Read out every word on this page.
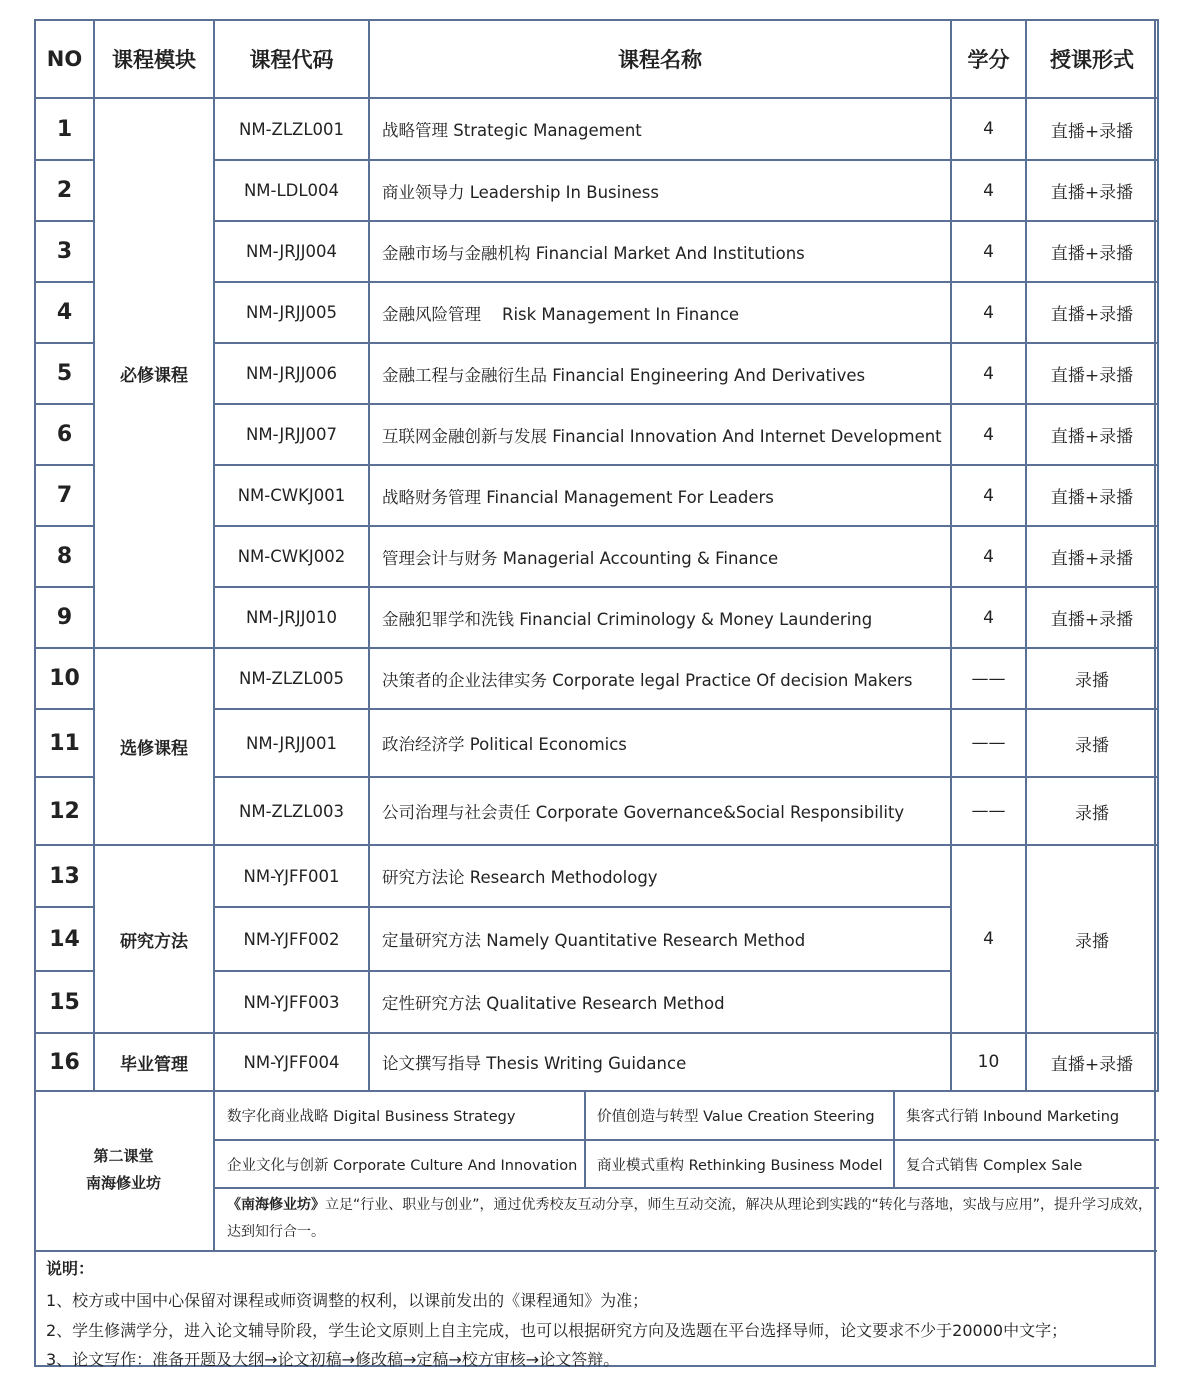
NO	课程模块	课程代码	课程名称	学分	授课形式
1	必修课程	NM-ZLZL001	战略管理 Strategic Management	4	直播+录播
2		NM-LDL004	商业领导力 Leadership In Business	4	直播+录播
3		NM-JRJJ004	金融市场与金融机构 Financial Market And Institutions	4	直播+录播
4		NM-JRJJ005	金融风险管理    Risk Management In Finance	4	直播+录播
5		NM-JRJJ006	金融工程与金融衍生品 Financial Engineering And Derivatives	4	直播+录播
6		NM-JRJJ007	互联网金融创新与发展 Financial Innovation And Internet Development	4	直播+录播
7		NM-CWKJ001	战略财务管理 Financial Management For Leaders	4	直播+录播
8		NM-CWKJ002	管理会计与财务 Managerial Accounting & Finance	4	直播+录播
9		NM-JRJJ010	金融犯罪学和洗钱 Financial Criminology & Money Laundering	4	直播+录播
10	选修课程	NM-ZLZL005	决策者的企业法律实务 Corporate legal Practice Of decision Makers	——	录播
11		NM-JRJJ001	政治经济学 Political Economics	——	录播
12		NM-ZLZL003	公司治理与社会责任 Corporate Governance&Social Responsibility	——	录播
13	研究方法	NM-YJFF001	研究方法论 Research Methodology	4	录播
14		NM-YJFF002	定量研究方法 Namely Quantitative Research Method		
15		NM-YJFF003	定性研究方法 Qualitative Research Method		
16	毕业管理	NM-YJFF004	论文撰写指导 Thesis Writing Guidance	10	直播+录播
第二课堂
南海修业坊
数字化商业战略 Digital Business Strategy	价值创造与转型 Value Creation Steering	集客式行销 Inbound Marketing
企业文化与创新 Corporate Culture And Innovation	商业模式重构 Rethinking Business Model	复合式销售 Complex Sale
《南海修业坊》立足“行业、职业与创业”，通过优秀校友互动分享，师生互动交流，解决从理论到实践的“转化与落地，实战与应用”，提升学习成效，达到知行合一。
说明：
1、校方或中国中心保留对课程或师资调整的权利，以课前发出的《课程通知》为准；
2、学生修满学分，进入论文辅导阶段，学生论文原则上自主完成，也可以根据研究方向及选题在平台选择导师，论文要求不少于20000中文字；
3、论文写作：准备开题及大纲→论文初稿→修改稿→定稿→校方审核→论文答辩。
